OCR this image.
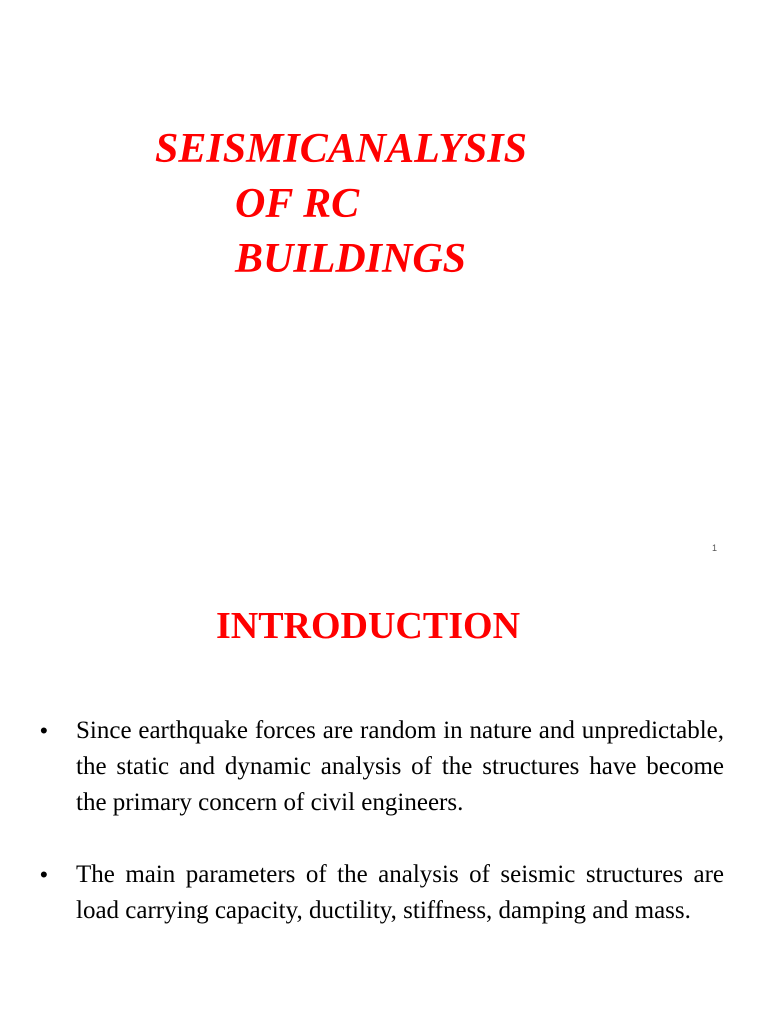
SEISMICANALYSIS
OF RC
BUILDINGS
1
INTRODUCTION
• Since earthquake forces are random in nature and unpredictable, the static and dynamic analysis of the structures have become the primary concern of civil engineers.
• The main parameters of the analysis of seismic structures are load carrying capacity, ductility, stiffness, damping and mass.
